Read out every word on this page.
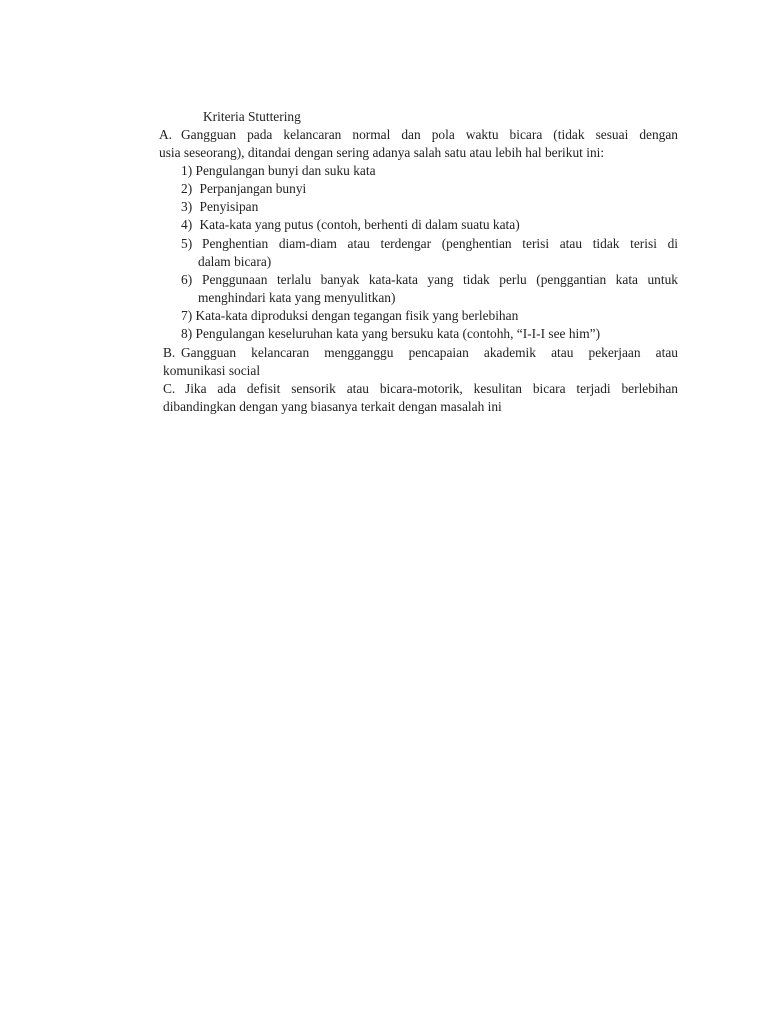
Kriteria Stuttering
A. Gangguan pada kelancaran normal dan pola waktu bicara (tidak sesuai dengan
usia seseorang), ditandai dengan sering adanya salah satu atau lebih hal berikut ini:
1) Pengulangan bunyi dan suku kata
2) Perpanjangan bunyi
3) Penyisipan
4) Kata-kata yang putus (contoh, berhenti di dalam suatu kata)
5) Penghentian diam-diam atau terdengar (penghentian terisi atau tidak terisi di
dalam bicara)
6) Penggunaan terlalu banyak kata-kata yang tidak perlu (penggantian kata untuk
menghindari kata yang menyulitkan)
7) Kata-kata diproduksi dengan tegangan fisik yang berlebihan
8) Pengulangan keseluruhan kata yang bersuku kata (contohh, “I-I-I see him”)
B. Gangguan kelancaran mengganggu pencapaian akademik atau pekerjaan atau
komunikasi social
C. Jika ada defisit sensorik atau bicara-motorik, kesulitan bicara terjadi berlebihan
dibandingkan dengan yang biasanya terkait dengan masalah ini
